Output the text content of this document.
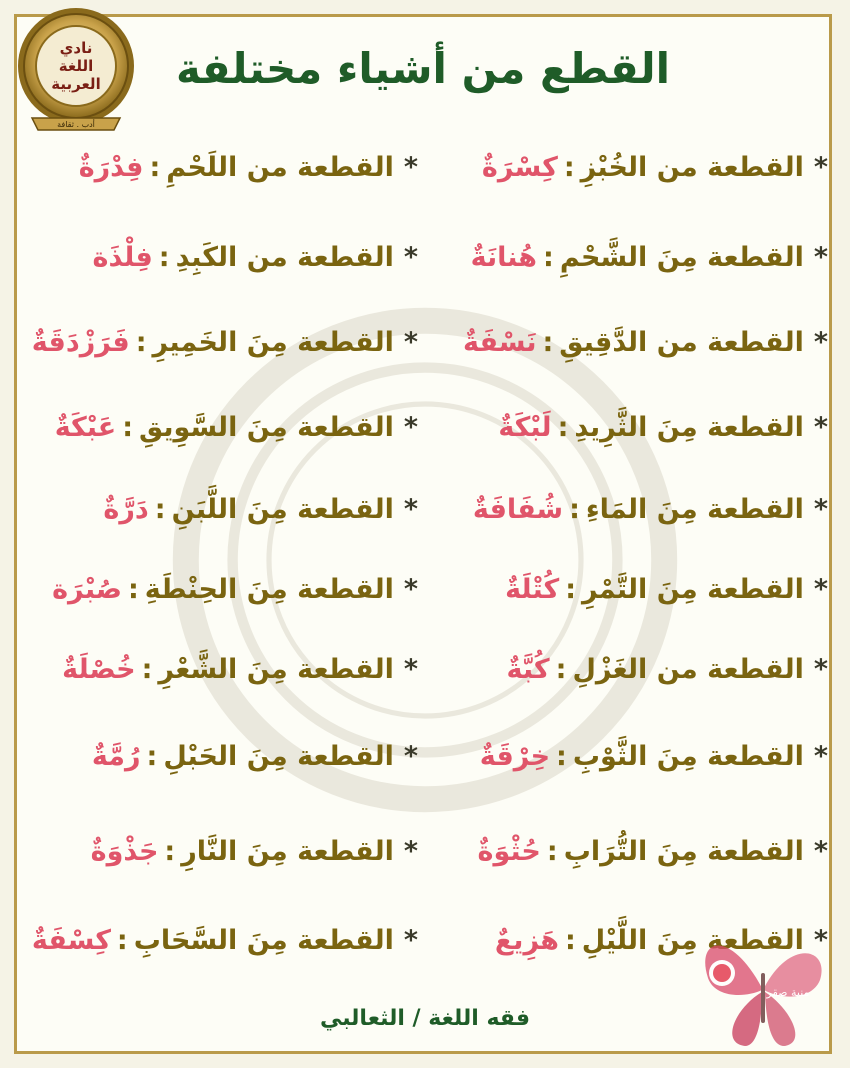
نادي
اللغة
العربية
أدب . ثقافة
القطع من أشياء مختلفة
*القطعة من الخُبْزِ:كِسْرَةٌ
*القطعة من اللَحْمِ:فِدْرَةٌ
*القطعة مِنَ الشَّحْمِ:هُنانَةٌ
*القطعة من الكَبِدِ:فِلْذَة
*القطعة من الدَّقِيقِ:نَسْفَةٌ
*القطعة مِنَ الخَمِيرِ:فَرَزْدَقَةٌ
*القطعة مِنَ الثَّرِيدِ:لَبْكَةٌ
*القطعة مِنَ السَّوِيقِ:عَبْكَةٌ
*القطعة مِنَ المَاءِ:شُفَافَةٌ
*القطعة مِنَ اللَّبَنِ:دَرَّةٌ
*القطعة مِنَ التَّمْرِ:كُتْلَةٌ
*القطعة مِنَ الحِنْطَةِ:صُبْرَة
*القطعة من الغَزْلِ:كُبَّةٌ
*القطعة مِنَ الشَّعْرِ:خُصْلَةٌ
*القطعة مِنَ الثَّوْبِ:خِرْقَةٌ
*القطعة مِنَ الحَبْلِ:رُمَّةٌ
*القطعة مِنَ التُّرَابِ:حُثْوَةٌ
*القطعة مِنَ النَّارِ:جَذْوَةٌ
*القطعة مِنَ اللَّيْلِ:هَزِيعٌ
*القطعة مِنَ السَّحَابِ:كِسْفَةٌ
فقه اللغة / الثعالبي
منية صقر
